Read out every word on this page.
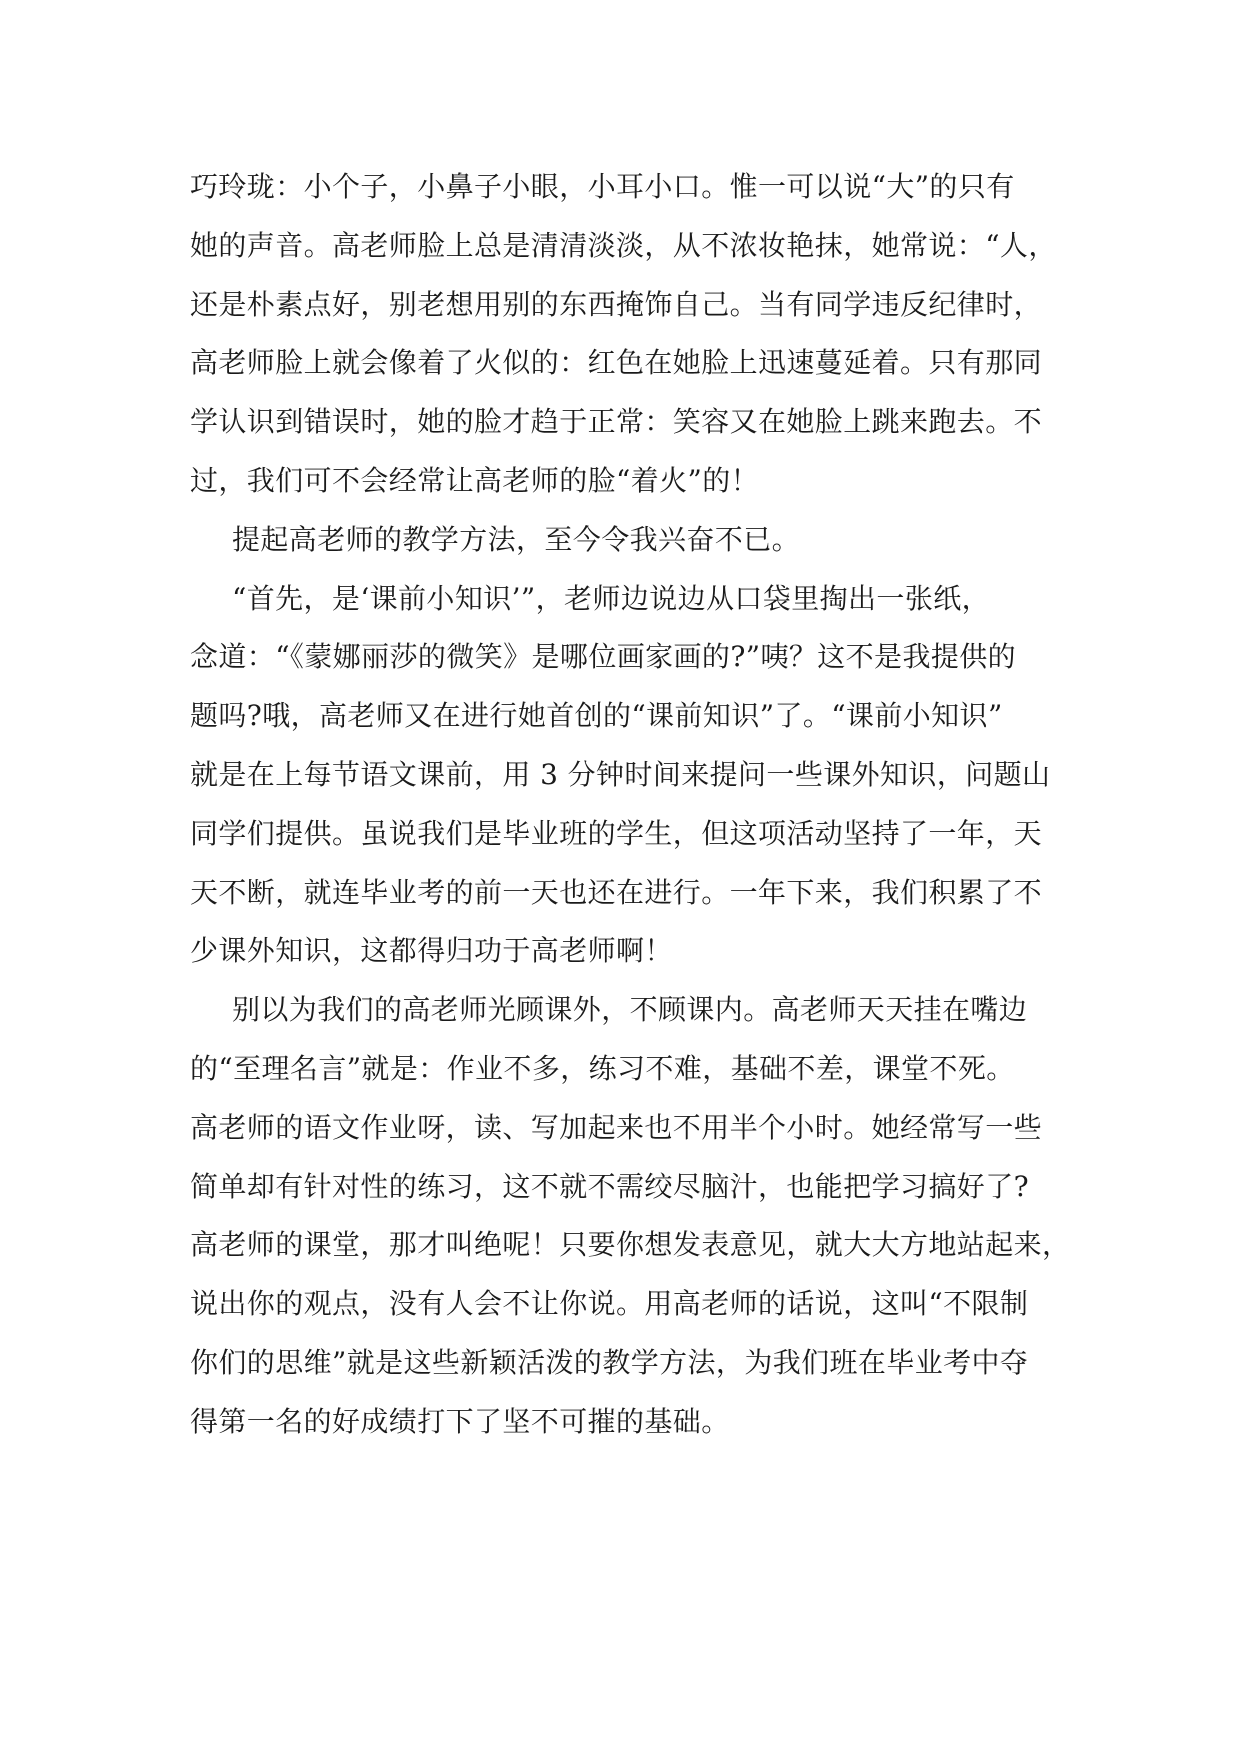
巧玲珑：小个子，小鼻子小眼，小耳小口。惟一可以说“大”的只有
她的声音。高老师脸上总是清清淡淡，从不浓妆艳抹，她常说：“人，
还是朴素点好，别老想用别的东西掩饰自己。当有同学违反纪律时，
高老师脸上就会像着了火似的：红色在她脸上迅速蔓延着。只有那同
学认识到错误时，她的脸才趋于正常：笑容又在她脸上跳来跑去。不
过，我们可不会经常让高老师的脸“着火”的！
提起高老师的教学方法，至今令我兴奋不已。
“首先，是‘课前小知识’”，老师边说边从口袋里掏出一张纸，
念道：“《蒙娜丽莎的微笑》是哪位画家画的?”咦？这不是我提供的
题吗?哦，高老师又在进行她首创的“课前知识”了。“课前小知识”
就是在上每节语文课前，用 3 分钟时间来提问一些课外知识，问题山
同学们提供。虽说我们是毕业班的学生，但这项活动坚持了一年，天
天不断，就连毕业考的前一天也还在进行。一年下来，我们积累了不
少课外知识，这都得归功于高老师啊！
别以为我们的高老师光顾课外，不顾课内。高老师天天挂在嘴边
的“至理名言”就是：作业不多，练习不难，基础不差，课堂不死。
高老师的语文作业呀，读、写加起来也不用半个小时。她经常写一些
简单却有针对性的练习，这不就不需绞尽脑汁，也能把学习搞好了?
高老师的课堂，那才叫绝呢！只要你想发表意见，就大大方地站起来，
说出你的观点，没有人会不让你说。用高老师的话说，这叫“不限制
你们的思维”就是这些新颖活泼的教学方法，为我们班在毕业考中夺
得第一名的好成绩打下了坚不可摧的基础。
